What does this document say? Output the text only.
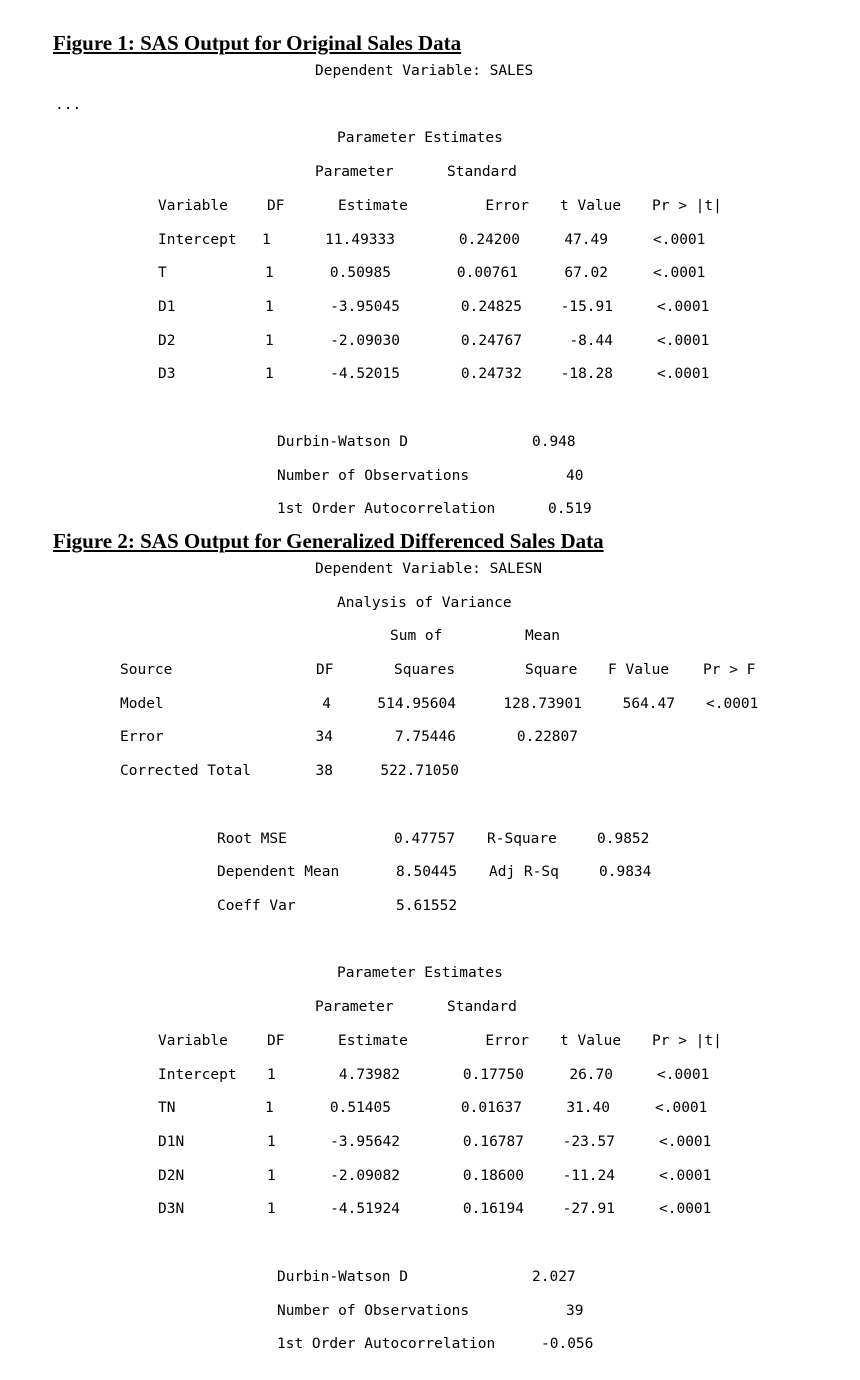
Figure 1: SAS Output for Original Sales Data
Dependent Variable: SALES
...
Parameter Estimates
Parameter	Standard
Variable	DF	Estimate	Error t Value Pr > |t|
Intercept 1	11.49333	0.24200	47.49	<.0001
T	1	0.50985	0.00761	67.02	<.0001
D1	1	-3.95045	0.24825	-15.91	<.0001
D2	1	-2.09030	0.24767	-8.44	<.0001
D3	1	-4.52015	0.24732	-18.28	<.0001
Durbin-Watson D	0.948
Number of Observations	40
1st Order Autocorrelation	0.519
Figure 2: SAS Output for Generalized Differenced Sales Data
Dependent Variable: SALESN
Analysis of Variance
Sum of	Mean
Source	DF	Squares	Square F Value Pr > F
Model	4	514.95604	128.73901	564.47 <.0001
Error	34	7.75446	0.22807
Corrected Total	38	522.71050
Root MSE	0.47757 R-Square	0.9852
Dependent Mean	8.50445 Adj R-Sq	0.9834
Coeff Var	5.61552
Parameter Estimates
Parameter	Standard
Variable	DF	Estimate	Error t Value Pr > |t|
Intercept 1	4.73982	0.17750	26.70	<.0001
TN	1	0.51405	0.01637	31.40	<.0001
D1N	1	-3.95642	0.16787	-23.57	<.0001
D2N	1	-2.09082	0.18600	-11.24	<.0001
D3N	1	-4.51924	0.16194	-27.91	<.0001
Durbin-Watson D	2.027
Number of Observations	39
1st Order Autocorrelation	-0.056
